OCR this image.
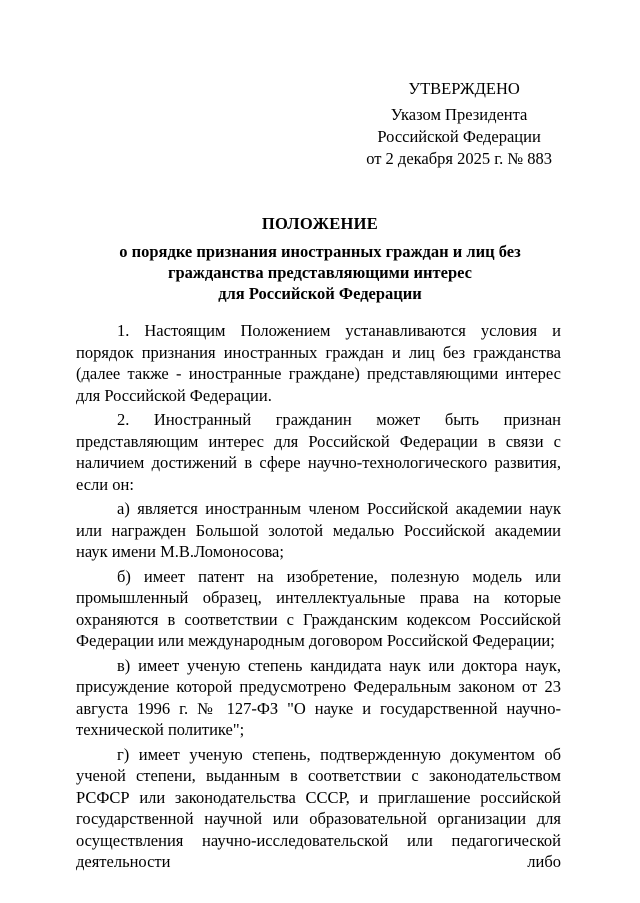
УТВЕРЖДЕНО
Указом Президента
Российской Федерации
от 2 декабря 2025 г. № 883
ПОЛОЖЕНИЕ
о порядке признания иностранных граждан и лиц без
гражданства представляющими интерес
для Российской Федерации

1. Настоящим Положением устанавливаются условия и порядок признания иностранных граждан и лиц без гражданства (далее также - иностранные граждане) представляющими интерес для Российской Федерации.

2. Иностранный гражданин может быть признан представляющим интерес для Российской Федерации в связи с наличием достижений в сфере научно-технологического развития, если он:

а) является иностранным членом Российской академии наук или награжден Большой золотой медалью Российской академии наук имени М.В.Ломоносова;

б) имеет патент на изобретение, полезную модель или промышленный образец, интеллектуальные права на которые охраняются в соответствии с Гражданским кодексом Российской Федерации или международным договором Российской Федерации;

в) имеет ученую степень кандидата наук или доктора наук, присуждение которой предусмотрено Федеральным законом от 23 августа 1996 г. № 127-ФЗ "О науке и государственной научно-технической политике";

г) имеет ученую степень, подтвержденную документом об ученой степени, выданным в соответствии с законодательством РСФСР или законодательства СССР, и приглашение российской государственной научной или образовательной организации для осуществления научно-исследовательской или педагогической деятельности либо
